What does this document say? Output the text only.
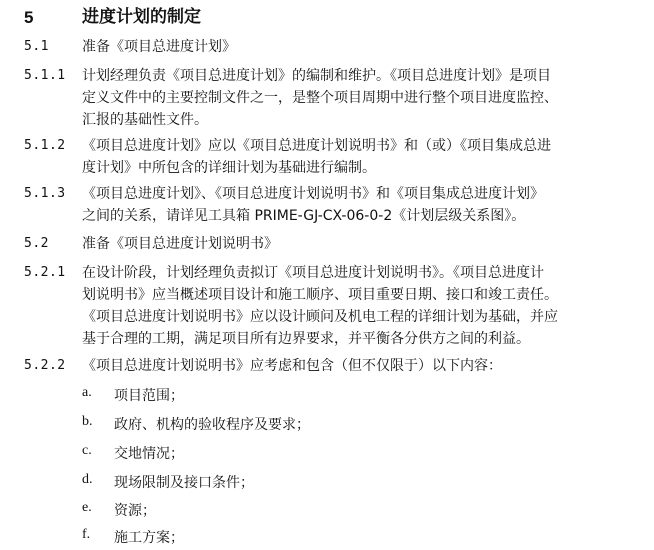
5	进度计划的制定
5.1 准备《项目总进度计划》
5.1.1 计划经理负责《项目总进度计划》的编制和维护。《项目总进度计划》是项目
定义文件中的主要控制文件之一，是整个项目周期中进行整个项目进度监控、
汇报的基础性文件。
5.1.2 《项目总进度计划》应以《项目总进度计划说明书》和（或）《项目集成总进
度计划》中所包含的详细计划为基础进行编制。
5.1.3 《项目总进度计划》、《项目总进度计划说明书》和《项目集成总进度计划》
之间的关系，请详见工具箱 PRIME-GJ-CX-06-0-2《计划层级关系图》。
5.2 准备《项目总进度计划说明书》
5.2.1 在设计阶段，计划经理负责拟订《项目总进度计划说明书》。《项目总进度计
划说明书》应当概述项目设计和施工顺序、项目重要日期、接口和竣工责任。
《项目总进度计划说明书》应以设计顾问及机电工程的详细计划为基础，并应
基于合理的工期，满足项目所有边界要求，并平衡各分供方之间的利益。
5.2.2 《项目总进度计划说明书》应考虑和包含（但不仅限于）以下内容：
a. 项目范围；
b. 政府、机构的验收程序及要求；
c. 交地情况；
d. 现场限制及接口条件；
e. 资源；
f. 施工方案；
